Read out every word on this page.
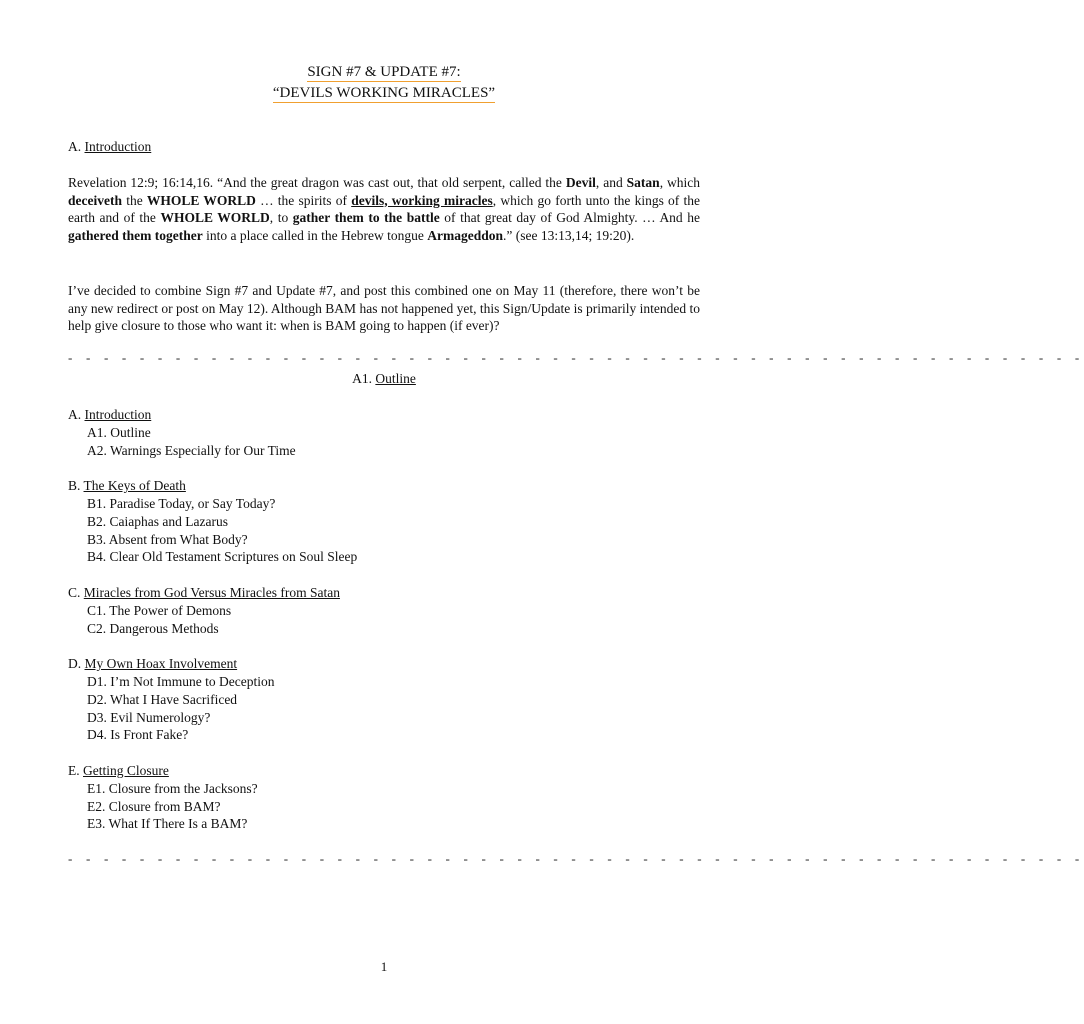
SIGN #7 & UPDATE #7:
“DEVILS WORKING MIRACLES”
A. Introduction
Revelation 12:9; 16:14,16. “And the great dragon was cast out, that old serpent, called the Devil, and Satan, which deceiveth the WHOLE WORLD … the spirits of devils, working miracles, which go forth unto the kings of the earth and of the WHOLE WORLD, to gather them to the battle of that great day of God Almighty. … And he gathered them together into a place called in the Hebrew tongue Armageddon.” (see 13:13,14; 19:20).
I’ve decided to combine Sign #7 and Update #7, and post this combined one on May 11 (therefore, there won’t be any new redirect or post on May 12). Although BAM has not happened yet, this Sign/Update is primarily intended to help give closure to those who want it: when is BAM going to happen (if ever)?
- - - - - - - - - - - - - - - - - - - - - - - - - - - - - - - - - - - - - - - - - - - - - - - - - - - - - - - - -
A1. Outline
A. Introduction
A1. Outline
A2. Warnings Especially for Our Time
B. The Keys of Death
B1. Paradise Today, or Say Today?
B2. Caiaphas and Lazarus
B3. Absent from What Body?
B4. Clear Old Testament Scriptures on Soul Sleep
C. Miracles from God Versus Miracles from Satan
C1. The Power of Demons
C2. Dangerous Methods
D. My Own Hoax Involvement
D1. I’m Not Immune to Deception
D2. What I Have Sacrificed
D3. Evil Numerology?
D4. Is Front Fake?
E. Getting Closure
E1. Closure from the Jacksons?
E2. Closure from BAM?
E3. What If There Is a BAM?
- - - - - - - - - - - - - - - - - - - - - - - - - - - - - - - - - - - - - - - - - - - - - - - - - - - - - - - - -
1
